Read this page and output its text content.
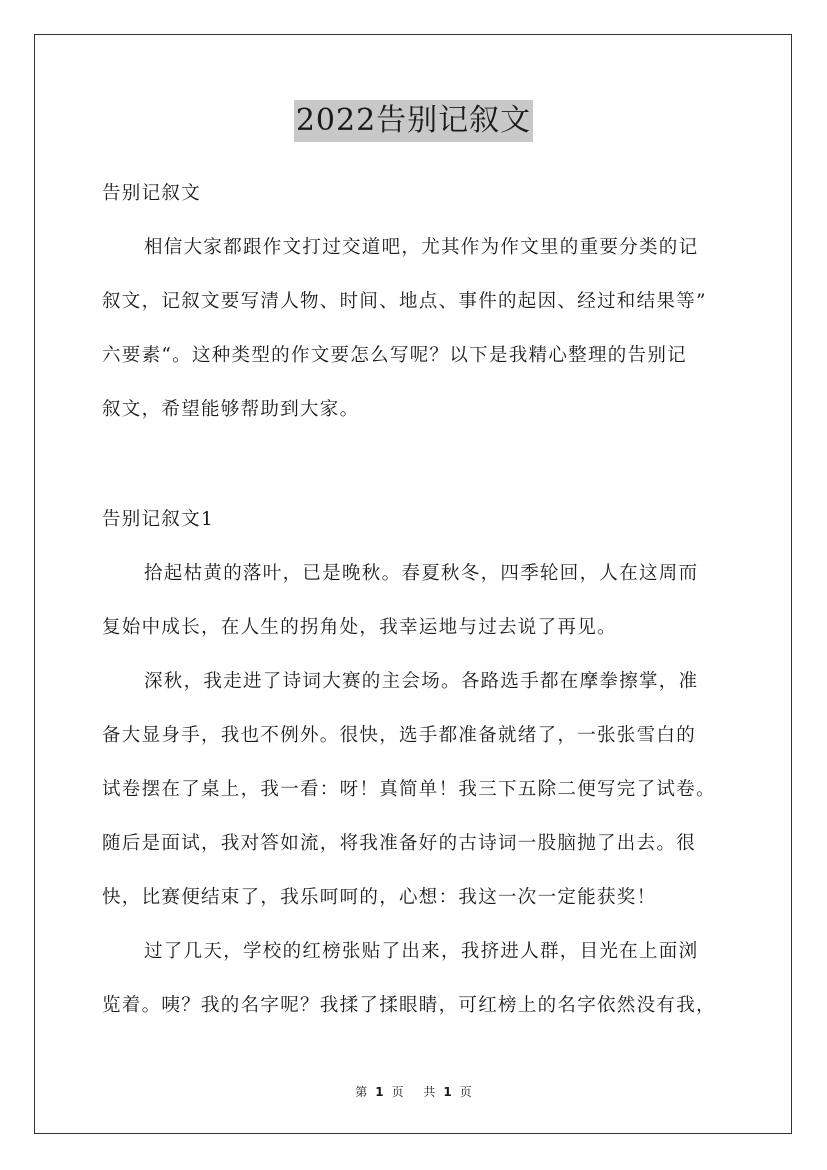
2022告别记叙文
告别记叙文
相信大家都跟作文打过交道吧，尤其作为作文里的重要分类的记
叙文，记叙文要写清人物、时间、地点、事件的起因、经过和结果等”
六要素“。这种类型的作文要怎么写呢？以下是我精心整理的告别记
叙文，希望能够帮助到大家。
告别记叙文1
拾起枯黄的落叶，已是晚秋。春夏秋冬，四季轮回，人在这周而
复始中成长，在人生的拐角处，我幸运地与过去说了再见。
深秋，我走进了诗词大赛的主会场。各路选手都在摩拳擦掌，准
备大显身手，我也不例外。很快，选手都准备就绪了，一张张雪白的
试卷摆在了桌上，我一看：呀！真简单！我三下五除二便写完了试卷。
随后是面试，我对答如流，将我准备好的古诗词一股脑抛了出去。很
快，比赛便结束了，我乐呵呵的，心想：我这一次一定能获奖！
过了几天，学校的红榜张贴了出来，我挤进人群，目光在上面浏
览着。咦？我的名字呢？我揉了揉眼睛，可红榜上的名字依然没有我，
第 1 页 共 1 页
